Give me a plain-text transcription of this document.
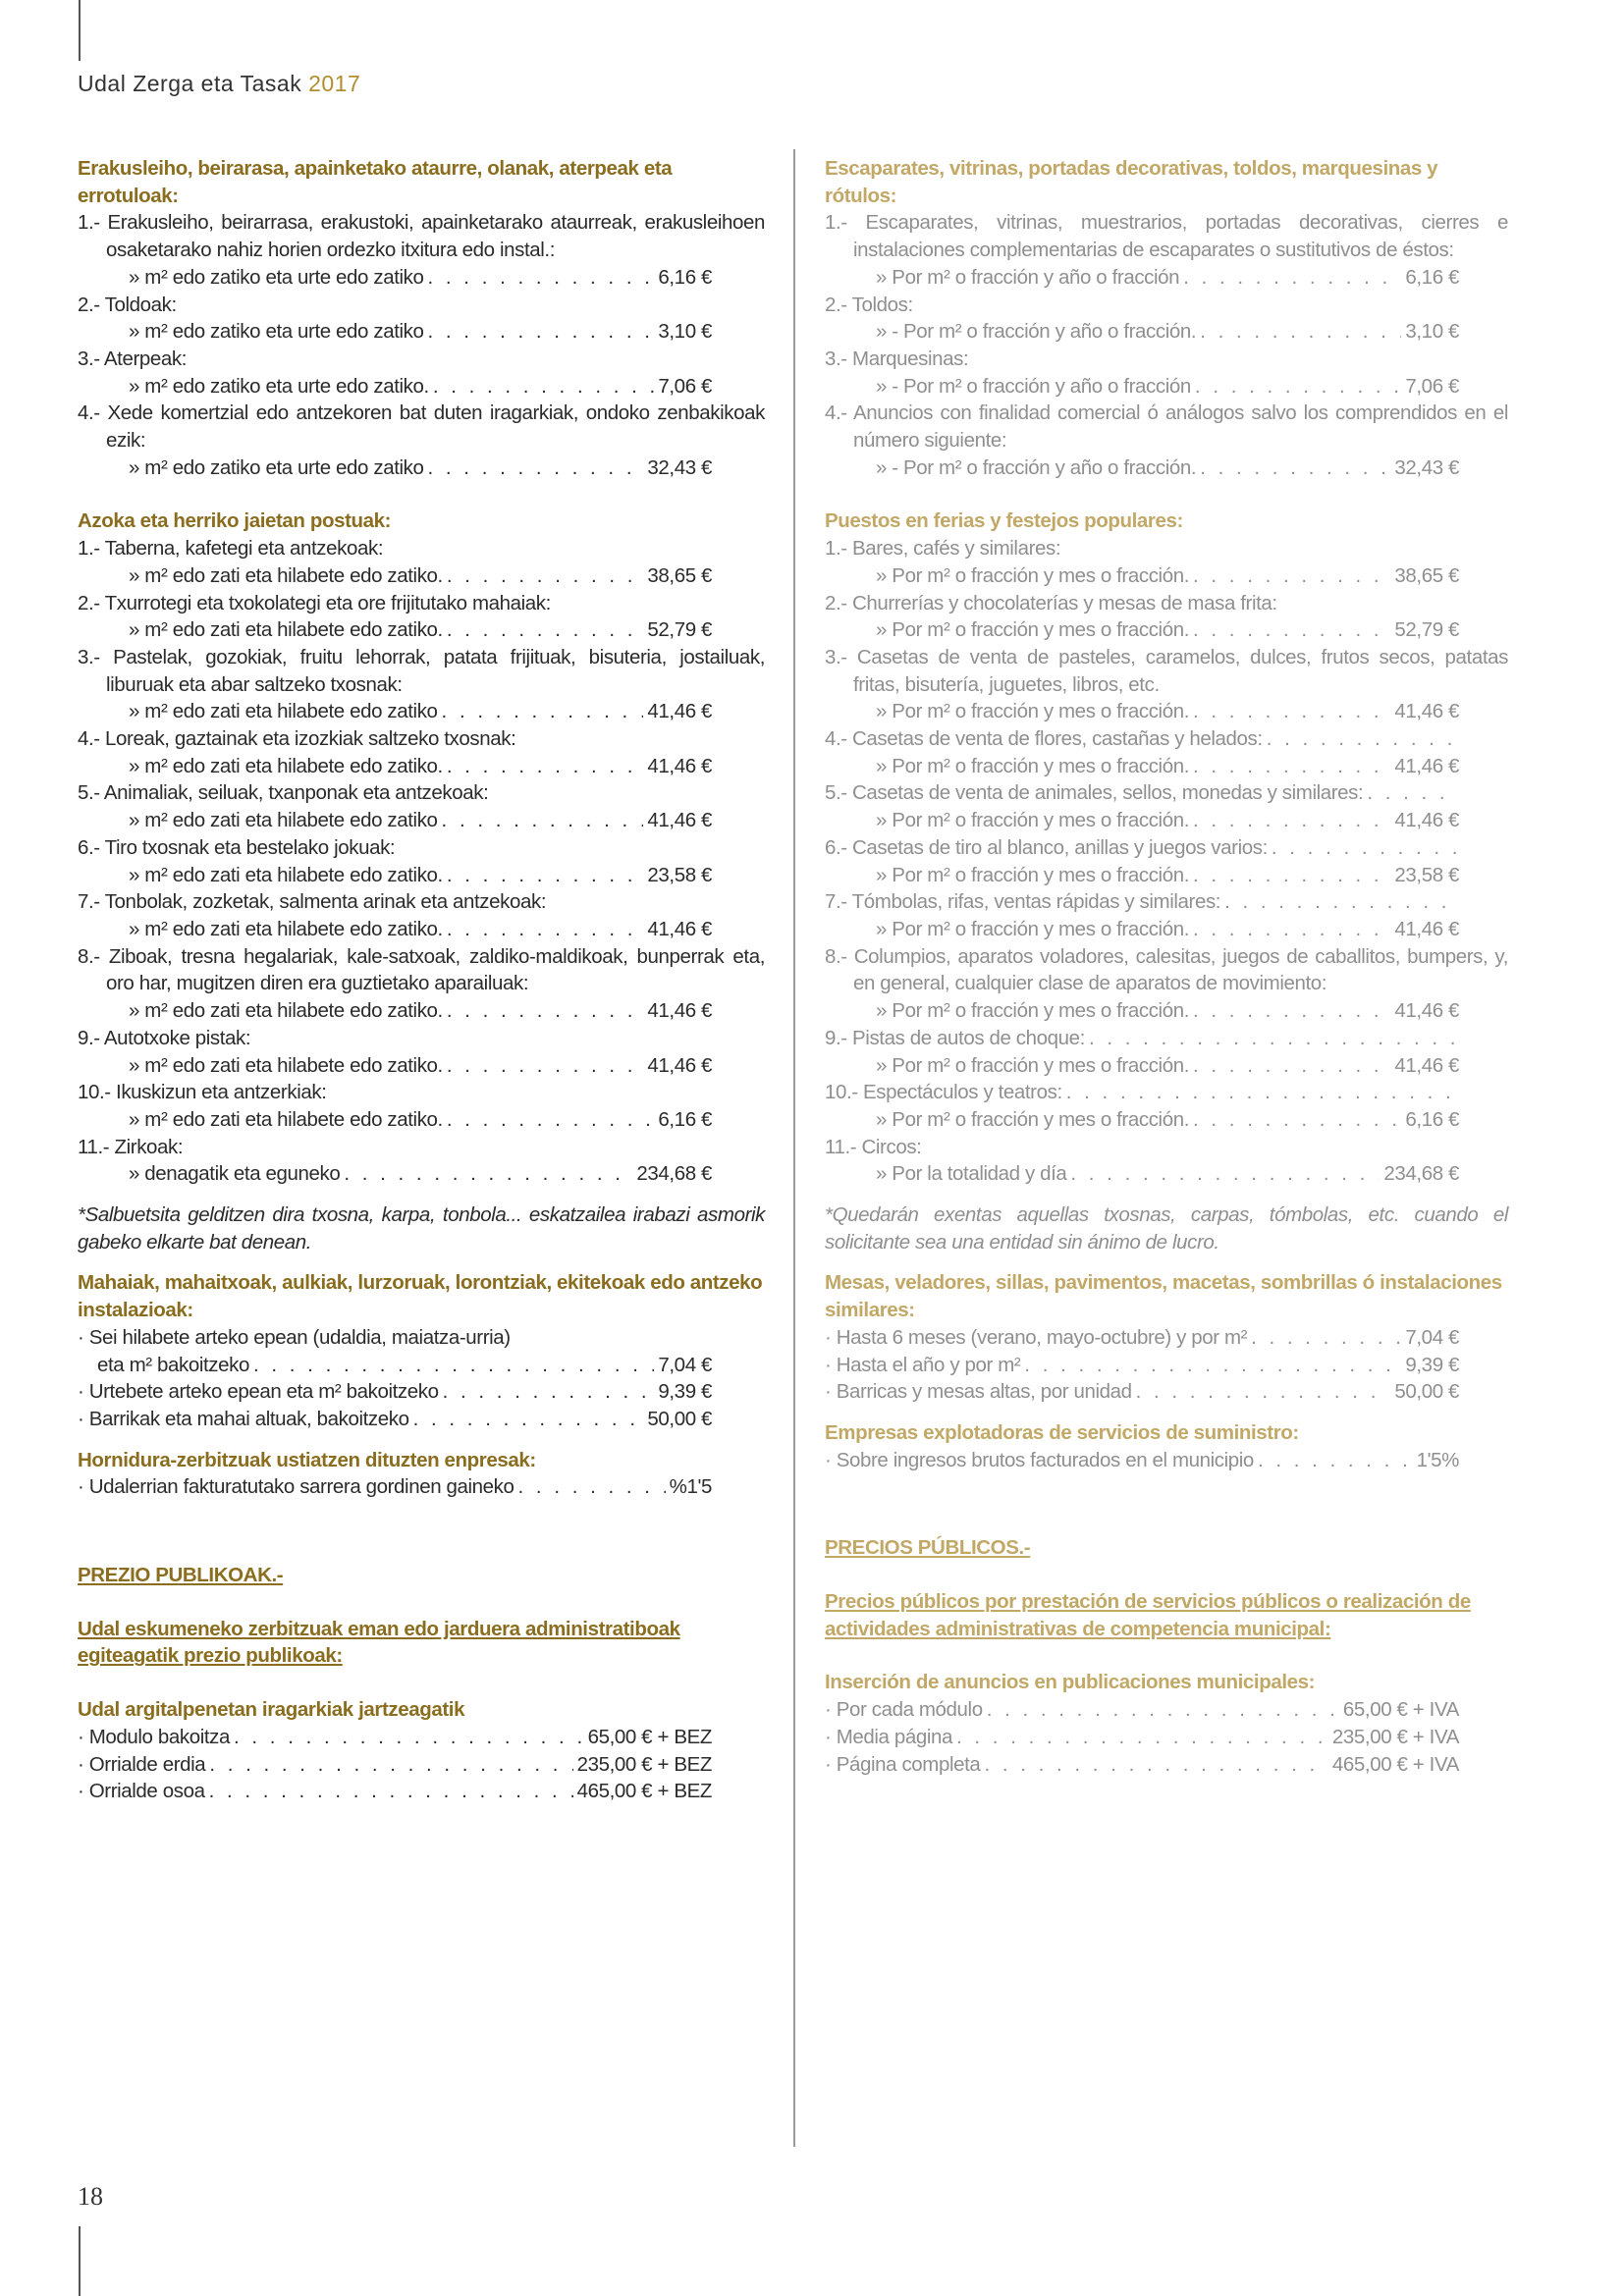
Udal Zerga eta Tasak 2017
Erakusleiho, beirarasa, apainketako ataurre, olanak, aterpeak eta errotuloak:
1.- Erakusleiho, beirarrasa, erakustoki, apainketarako ataurreak, erakusleihoen osaketarako nahiz horien ordezko itxitura edo instal.:
» m² edo zatiko eta urte edo zatiko . . .	6,16 €
2.- Toldoak:
» m² edo zatiko eta urte edo zatiko . . .	3,10 €
3.- Aterpeak:
» m² edo zatiko eta urte edo zatiko. . . .	7,06 €
4.- Xede komertzial edo antzekoren bat duten iragarkiak, ondoko zenbakikoak ezik:
» m² edo zatiko eta urte edo zatiko . . .	32,43 €
Azoka eta herriko jaietan postuak:
1.- Taberna, kafetegi eta antzekoak:
» m² edo zati eta hilabete edo zatiko. . . .	38,65 €
2.- Txurrotegi eta txokolategi eta ore frijitutako mahaiak:
» m² edo zati eta hilabete edo zatiko. . . .	52,79 €
3.- Pastelak, gozokiak, fruitu lehorrak, patata frijituak, bisuteria, jostailuak, liburuak eta abar saltzeko txosnak:
» m² edo zati eta hilabete edo zatiko . . .	41,46 €
4.- Loreak, gaztainak eta izozkiak saltzeko txosnak:
» m² edo zati eta hilabete edo zatiko. . . .	41,46 €
5.- Animaliak, seiluak, txanponak eta antzekoak:
» m² edo zati eta hilabete edo zatiko . . .	41,46 €
6.- Tiro txosnak eta bestelako jokuak:
» m² edo zati eta hilabete edo zatiko. . . .	23,58 €
7.- Tonbolak, zozketak, salmenta arinak eta antzekoak:
» m² edo zati eta hilabete edo zatiko. . . .	41,46 €
8.- Ziboak, tresna hegalariak, kale-satxoak, zaldiko-maldikoak, bunperrak eta, oro har, mugitzen diren era guztietako aparailuak:
» m² edo zati eta hilabete edo zatiko. . . .	41,46 €
9.- Autotxoke pistak:
» m² edo zati eta hilabete edo zatiko. . . .	41,46 €
10.- Ikuskizun eta antzerkiak:
» m² edo zati eta hilabete edo zatiko. . . .	6,16 €
11.- Zirkoak:
» denagatik eta eguneko . . .	234,68 €
*Salbuetsita gelditzen dira txosna, karpa, tonbola... eskatzailea irabazi asmorik gabeko elkarte bat denean.
Mahaiak, mahaitxoak, aulkiak, lurzoruak, lorontziak, ekitekoak edo antzeko instalazioak:
· Sei hilabete arteko epean (udaldia, maiatza-urria)
eta m² bakoitzeko . . .	7,04 €
· Urtebete arteko epean eta m² bakoitzeko . . .	9,39 €
· Barrikak eta mahai altuak, bakoitzeko . . .	50,00 €
Hornidura-zerbitzuak ustiatzen dituzten enpresak:
· Udalerrian fakturatutako sarrera gordinen gaineko . . .	%1'5
PREZIO PUBLIKOAK.-
Udal eskumeneko zerbitzuak eman edo jarduera administratiboak egiteagatik prezio publikoak:
Udal argitalpenetan iragarkiak jartzeagatik
· Modulo bakoitza . . .	65,00 € + BEZ
· Orrialde erdia . . .	235,00 € + BEZ
· Orrialde osoa . . .	465,00 € + BEZ
Escaparates, vitrinas, portadas decorativas, toldos, marquesinas y rótulos:
1.- Escaparates, vitrinas, muestrarios, portadas decorativas, cierres e instalaciones complementarias de escaparates o sustitutivos de éstos:
» Por m² o fracción y año o fracción . . .	6,16 €
2.- Toldos:
» - Por m² o fracción y año o fracción. . . .	3,10 €
3.- Marquesinas:
» - Por m² o fracción y año o fracción . . .	7,06 €
4.- Anuncios con finalidad comercial ó análogos salvo los comprendidos en el número siguiente:
» - Por m² o fracción y año o fracción. . . .	32,43 €
Puestos en ferias y festejos populares:
1.- Bares, cafés y similares:
» Por m² o fracción y mes o fracción. . . .	38,65 €
2.- Churrerías y chocolaterías y mesas de masa frita:
» Por m² o fracción y mes o fracción. . . .	52,79 €
3.- Casetas de venta de pasteles, caramelos, dulces, frutos secos, patatas fritas, bisutería, juguetes, libros, etc.
» Por m² o fracción y mes o fracción. . . .	41,46 €
4.- Casetas de venta de flores, castañas y helados:
. . .
» Por m² o fracción y mes o fracción. . . .	41,46 €
5.- Casetas de venta de animales, sellos, monedas y similares:
. . .
» Por m² o fracción y mes o fracción. . . .	41,46 €
6.- Casetas de tiro al blanco, anillas y juegos varios:
. . .
» Por m² o fracción y mes o fracción. . . .	23,58 €
7.- Tómbolas, rifas, ventas rápidas y similares:
. . .
» Por m² o fracción y mes o fracción. . . .	41,46 €
8.- Columpios, aparatos voladores, calesitas, juegos de caballitos, bumpers, y, en general, cualquier clase de aparatos de movimiento:
» Por m² o fracción y mes o fracción. . . .	41,46 €
9.- Pistas de autos de choque:
. . .
» Por m² o fracción y mes o fracción. . . .	41,46 €
10.- Espectáculos y teatros:
. . .
» Por m² o fracción y mes o fracción. . . .	6,16 €
11.- Circos:
» Por la totalidad y día . . .	234,68 €
*Quedarán exentas aquellas txosnas, carpas, tómbolas, etc. cuando el solicitante sea una entidad sin ánimo de lucro.
Mesas, veladores, sillas, pavimentos, macetas, sombrillas ó instalaciones similares:
· Hasta 6 meses (verano, mayo-octubre) y por m² . . .	7,04 €
· Hasta el año y por m² . . .	9,39 €
· Barricas y mesas altas, por unidad . . .	50,00 €
Empresas explotadoras de servicios de suministro:
· Sobre ingresos brutos facturados en el municipio . . .	1'5%
PRECIOS PÚBLICOS.-
Precios públicos por prestación de servicios públicos o realización de actividades administrativas de competencia municipal:
Inserción de anuncios en publicaciones municipales:
· Por cada módulo . . .	65,00 € + IVA
· Media página . . .	235,00 € + IVA
· Página completa . . .	465,00 € + IVA
18
